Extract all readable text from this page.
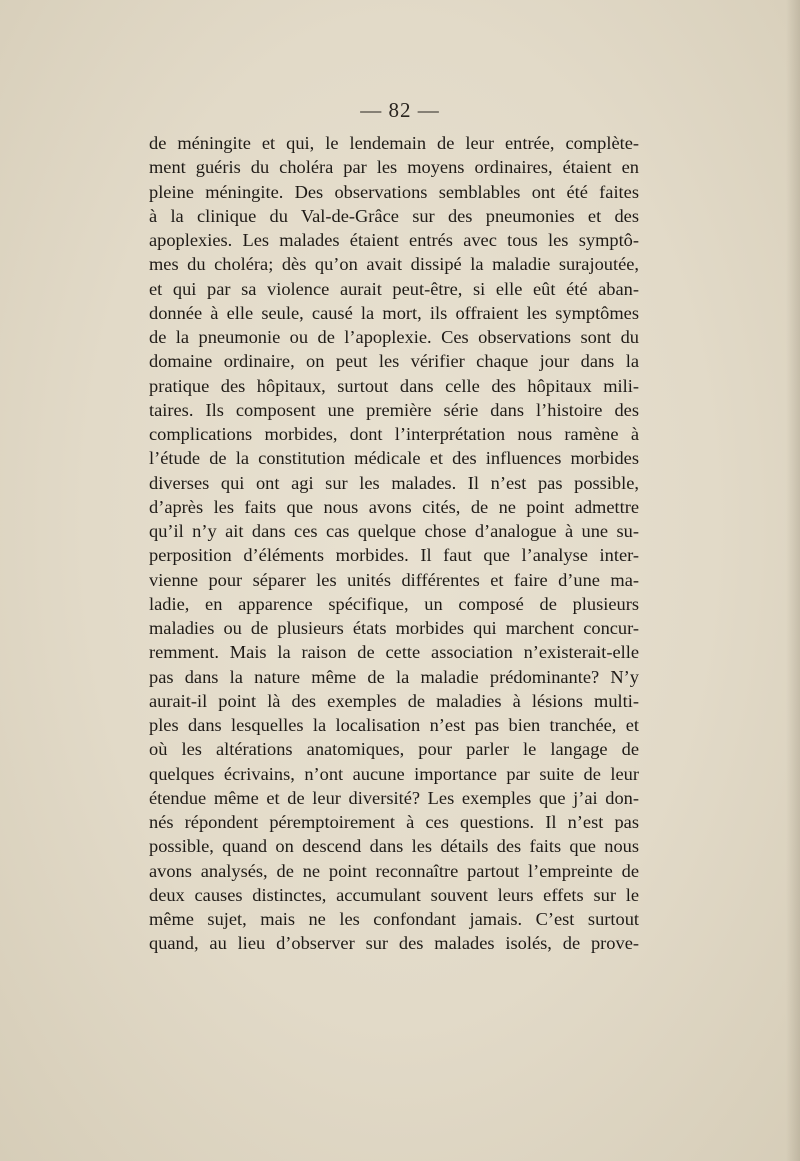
— 82 —
de méningite et qui, le lendemain de leur entrée, complète-
ment guéris du choléra par les moyens ordinaires, étaient en
pleine méningite. Des observations semblables ont été faites
à la clinique du Val-de-Grâce sur des pneumonies et des
apoplexies. Les malades étaient entrés avec tous les symptô-
mes du choléra; dès qu’on avait dissipé la maladie surajoutée,
et qui par sa violence aurait peut-être, si elle eût été aban-
donnée à elle seule, causé la mort, ils offraient les symptômes
de la pneumonie ou de l’apoplexie. Ces observations sont du
domaine ordinaire, on peut les vérifier chaque jour dans la
pratique des hôpitaux, surtout dans celle des hôpitaux mili-
taires. Ils composent une première série dans l’histoire des
complications morbides, dont l’interprétation nous ramène à
l’étude de la constitution médicale et des influences morbides
diverses qui ont agi sur les malades. Il n’est pas possible,
d’après les faits que nous avons cités, de ne point admettre
qu’il n’y ait dans ces cas quelque chose d’analogue à une su-
perposition d’éléments morbides. Il faut que l’analyse inter-
vienne pour séparer les unités différentes et faire d’une ma-
ladie, en apparence spécifique, un composé de plusieurs
maladies ou de plusieurs états morbides qui marchent concur-
remment. Mais la raison de cette association n’existerait-elle
pas dans la nature même de la maladie prédominante? N’y
aurait-il point là des exemples de maladies à lésions multi-
ples dans lesquelles la localisation n’est pas bien tranchée, et
où les altérations anatomiques, pour parler le langage de
quelques écrivains, n’ont aucune importance par suite de leur
étendue même et de leur diversité? Les exemples que j’ai don-
nés répondent péremptoirement à ces questions. Il n’est pas
possible, quand on descend dans les détails des faits que nous
avons analysés, de ne point reconnaître partout l’empreinte de
deux causes distinctes, accumulant souvent leurs effets sur le
même sujet, mais ne les confondant jamais. C’est surtout
quand, au lieu d’observer sur des malades isolés, de prove-
